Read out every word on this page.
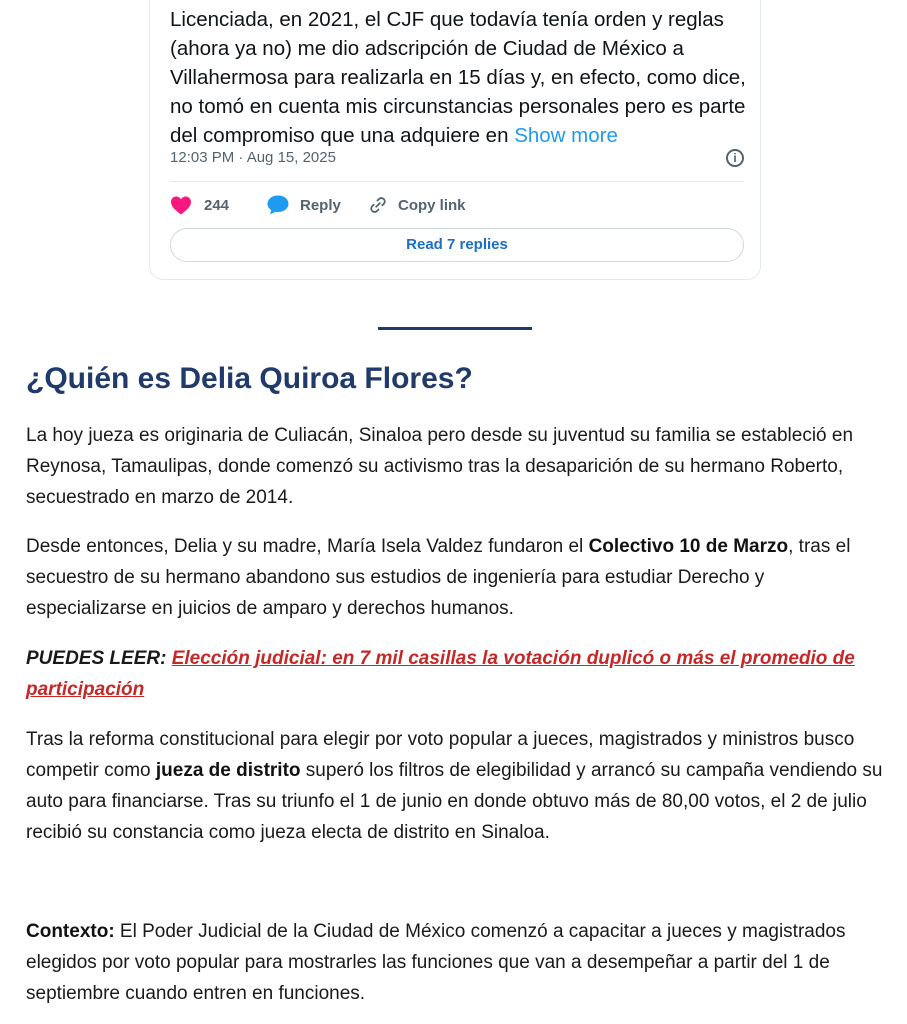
Licenciada, en 2021, el CJF que todavía tenía orden y reglas (ahora ya no) me dio adscripción de Ciudad de México a Villahermosa para realizarla en 15 días y, en efecto, como dice, no tomó en cuenta mis circunstancias personales pero es parte del compromiso que una adquiere en Show more
12:03 PM · Aug 15, 2025	i
244	Reply	Copy link
Read 7 replies
¿Quién es Delia Quiroa Flores?

La hoy jueza es originaria de Culiacán, Sinaloa pero desde su juventud su familia se estableció en Reynosa, Tamaulipas, donde comenzó su activismo tras la desaparición de su hermano Roberto, secuestrado en marzo de 2014.

Desde entonces, Delia y su madre, María Isela Valdez fundaron el Colectivo 10 de Marzo, tras el secuestro de su hermano abandono sus estudios de ingeniería para estudiar Derecho y especializarse en juicios de amparo y derechos humanos.

PUEDES LEER: Elección judicial: en 7 mil casillas la votación duplicó o más el promedio de participación

Tras la reforma constitucional para elegir por voto popular a jueces, magistrados y ministros busco competir como jueza de distrito superó los filtros de elegibilidad y arrancó su campaña vendiendo su auto para financiarse. Tras su triunfo el 1 de junio en donde obtuvo más de 80,00 votos, el 2 de julio recibió su constancia como jueza electa de distrito en Sinaloa.

Contexto: El Poder Judicial de la Ciudad de México comenzó a capacitar a jueces y magistrados elegidos por voto popular para mostrarles las funciones que van a desempeñar a partir del 1 de septiembre cuando entren en funciones.
